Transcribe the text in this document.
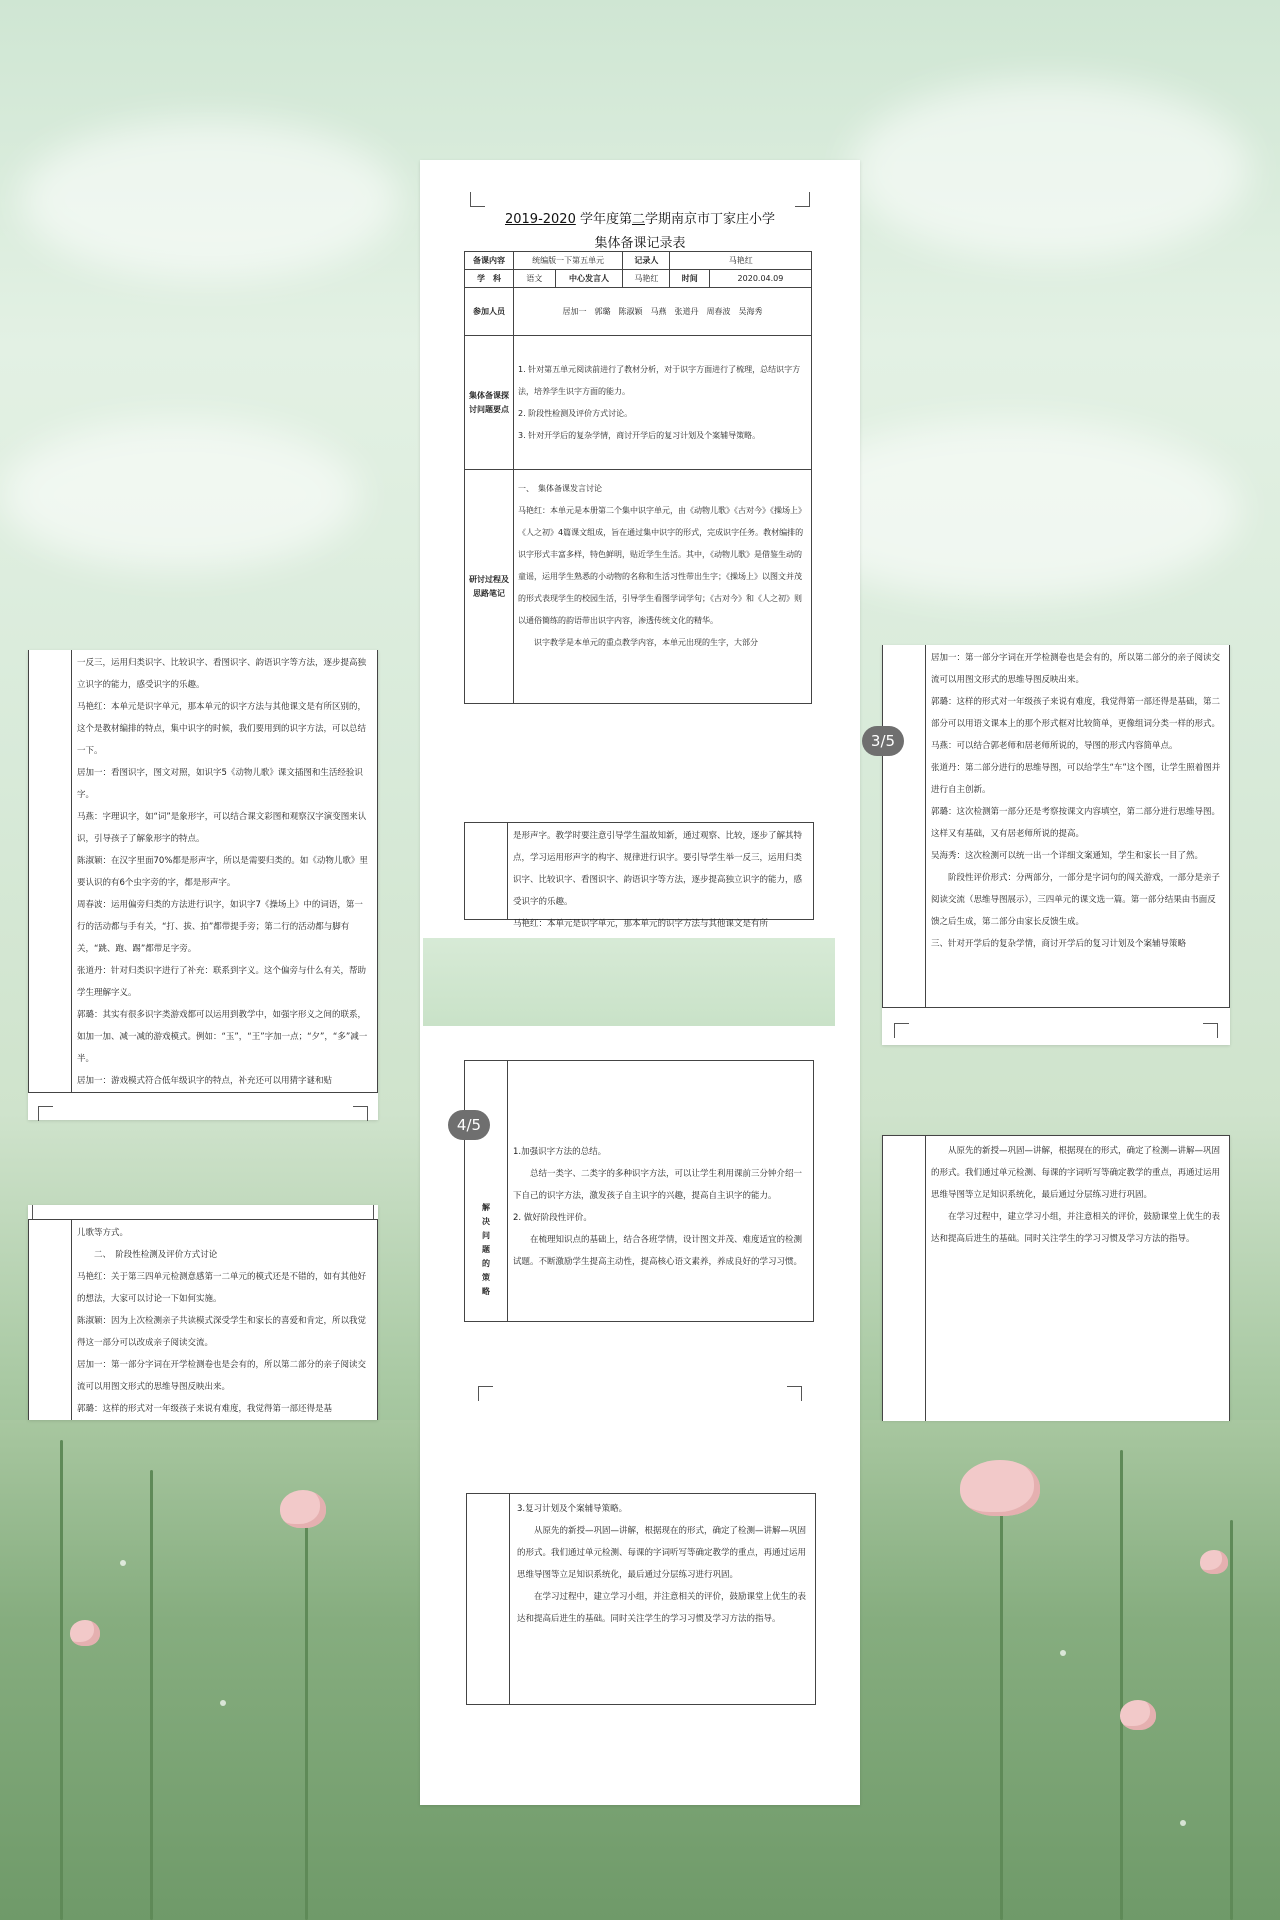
2019-2020 学年度第二学期南京市丁家庄小学
集体备课记录表
备课内容	统编版一下第五单元		记录人	马艳红	
学　科	语文	中心发言人	马艳红	时间	2020.04.09
参加人员	居加一　郭璐　陈淑颖　马燕　张道丹　周春波　吴海秀				
集体备课探讨问题要点	1. 针对第五单元阅读前进行了教材分析，对于识字方面进行了梳理，总结识字方法，培养学生识字方面的能力。
2. 阶段性检测及评价方式讨论。
3. 针对开学后的复杂学情，商讨开学后的复习计划及个案辅导策略。				

研讨过程及思路笔记	一、　集体备课发言讨论
马艳红：本单元是本册第二个集中识字单元，由《动物儿歌》《古对今》《操场上》《人之初》4篇课文组成，旨在通过集中识字的形式，完成识字任务。教材编排的识字形式丰富多样，特色鲜明，贴近学生生活。其中，《动物儿歌》是借鉴生动的童谣，运用学生熟悉的小动物的名称和生活习性带出生字；《操场上》以图文并茂的形式表现学生的校园生活，引导学生看图学词学句；《古对今》和《人之初》则以通俗簡练的韵语带出识字内容，渗透传统文化的精华。
识字教学是本单元的重点教学内容，本单元出现的生字，大部分				

是形声字。教学时要注意引导学生温故知新，通过观察、比较，逐步了解其特点，学习运用形声字的构字、规律进行识字。要引导学生举一反三，运用归类识字、比较识字、看图识字、韵语识字等方法，逐步提高独立识字的能力，感受识字的乐趣。

马艳红：本单元是识字单元，那本单元的识字方法与其他课文是有所

解决问题的策略

1.加强识字方法的总结。

总结一类字、二类字的多种识字方法，可以让学生利用课前三分钟介绍一下自己的识字方法，激发孩子自主识字的兴趣，提高自主识字的能力。

2. 做好阶段性评价。

在梳理知识点的基础上，结合各班学情，设计图文并茂、难度适宜的检测试题。不断激励学生提高主动性，提高核心语文素养，养成良好的学习习惯。

3.复习计划及个案辅导策略。

从原先的新授—巩固—讲解，根据现在的形式，确定了检测—讲解—巩固的形式。我们通过单元检测、每课的字词听写等确定教学的重点，再通过运用思维导图等立足知识系统化，最后通过分层练习进行巩固。

在学习过程中，建立学习小组，并注意相关的评价，鼓励课堂上优生的表达和提高后进生的基础。同时关注学生的学习习惯及学习方法的指导。

一反三，运用归类识字、比较识字、看图识字、韵语识字等方法，逐步提高独立识字的能力，感受识字的乐趣。

马艳红：本单元是识字单元，那本单元的识字方法与其他课文是有所区别的，这个是教材编排的特点，集中识字的时候，我们要用到的识字方法，可以总结一下。

居加一：看图识字，图文对照，如识字5《动物儿歌》课文插图和生活经验识字。

马燕：字理识字，如“词”是象形字，可以结合课文彩图和观察汉字演变图来认识，引导孩子了解象形字的特点。

陈淑颖：在汉字里面70%都是形声字，所以是需要归类的。如《动物儿歌》里要认识的有6个虫字旁的字，都是形声字。

周春波：运用偏旁归类的方法进行识字，如识字7《操场上》中的词语，第一行的活动都与手有关，“打、拔、拍”都带提手旁；第二行的活动都与脚有关，“跳、跑、踢”都带足字旁。

张道丹：针对归类识字进行了补充：联系到字义。这个偏旁与什么有关，帮助学生理解字义。

郭璐：其实有很多识字类游戏都可以运用到教学中，如强字形义之间的联系，如加一加、减一减的游戏模式。例如：“玉”，“王”字加一点；“夕”，“多”减一半。

居加一：游戏模式符合低年级识字的特点，补充还可以用猜字谜和贴

儿歌等方式。

二、　阶段性检测及评价方式讨论

马艳红：关于第三四单元检测意感第一二单元的模式还是不错的，如有其他好的想法，大家可以讨论一下如何实施。

陈淑颖：因为上次检测亲子共读模式深受学生和家长的喜爱和肯定，所以我觉得这一部分可以改成亲子阅读交流。

居加一：第一部分字词在开学检测卷也是会有的，所以第二部分的亲子阅读交流可以用图文形式的思维导图反映出来。

郭璐：这样的形式对一年级孩子来说有难度，我觉得第一部还得是基

居加一：第一部分字词在开学检测卷也是会有的，所以第二部分的亲子阅读交流可以用图文形式的思维导图反映出来。

郭璐：这样的形式对一年级孩子来说有难度，我觉得第一部还得是基础，第二部分可以用语文课本上的那个形式框对比较简单，更像组词分类一样的形式。

马燕：可以结合郭老师和居老师所说的，导图的形式内容简单点。

张道丹：第二部分进行的思维导图，可以给学生“车”这个图，让学生照着图并进行自主创新。

郭璐：这次检测第一部分还是考察按课文内容填空，第二部分进行思维导图。这样又有基础，又有居老师所说的提高。

吴海秀：这次检测可以统一出一个详细文案通知，学生和家长一目了然。

阶段性评价形式：分两部分，一部分是字词句的闯关游戏，一部分是亲子阅读交流（思维导图展示），三四单元的课文选一篇。第一部分结果由书面反馈之后生成，第二部分由家长反馈生成。

三、针对开学后的复杂学情，商讨开学后的复习计划及个案辅导策略

从原先的新授—巩固—讲解，根据现在的形式，确定了检测—讲解—巩固的形式。我们通过单元检测、每课的字词听写等确定教学的重点，再通过运用思维导图等立足知识系统化，最后通过分层练习进行巩固。

在学习过程中，建立学习小组，并注意相关的评价，鼓励课堂上优生的表达和提高后进生的基础。同时关注学生的学习习惯及学习方法的指导。

3/5
4/5
